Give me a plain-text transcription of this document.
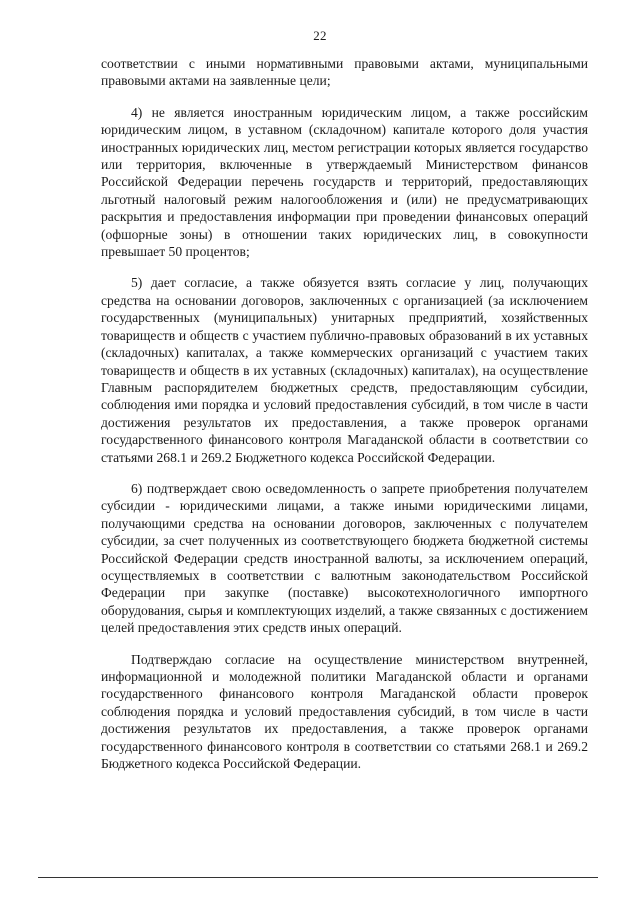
22

соответствии с иными нормативными правовыми актами, муниципальными правовыми актами на заявленные цели;

4) не является иностранным юридическим лицом, а также российским юридическим лицом, в уставном (складочном) капитале которого доля участия иностранных юридических лиц, местом регистрации которых является государство или территория, включенные в утверждаемый Министерством финансов Российской Федерации перечень государств и территорий, предоставляющих льготный налоговый режим налогообложения и (или) не предусматривающих раскрытия и предоставления информации при проведении финансовых операций (офшорные зоны) в отношении таких юридических лиц, в совокупности превышает 50 процентов;

5) дает согласие, а также обязуется взять согласие у лиц, получающих средства на основании договоров, заключенных с организацией (за исключением государственных (муниципальных) унитарных предприятий, хозяйственных товариществ и обществ с участием публично-правовых образований в их уставных (складочных) капиталах, а также коммерческих организаций с участием таких товариществ и обществ в их уставных (складочных) капиталах), на осуществление Главным распорядителем бюджетных средств, предоставляющим субсидии, соблюдения ими порядка и условий предоставления субсидий, в том числе в части достижения результатов их предоставления, а также проверок органами государственного финансового контроля Магаданской области в соответствии со статьями 268.1 и 269.2 Бюджетного кодекса Российской Федерации.

6) подтверждает свою осведомленность о запрете приобретения получателем субсидии - юридическими лицами, а также иными юридическими лицами, получающими средства на основании договоров, заключенных с получателем субсидии, за счет полученных из соответствующего бюджета бюджетной системы Российской Федерации средств иностранной валюты, за исключением операций, осуществляемых в соответствии с валютным законодательством Российской Федерации при закупке (поставке) высокотехнологичного импортного оборудования, сырья и комплектующих изделий, а также связанных с достижением целей предоставления этих средств иных операций.

Подтверждаю согласие на осуществление министерством внутренней, информационной и молодежной политики Магаданской области и органами государственного финансового контроля Магаданской области проверок соблюдения порядка и условий предоставления субсидий, в том числе в части достижения результатов их предоставления, а также проверок органами государственного финансового контроля в соответствии со статьями 268.1 и 269.2 Бюджетного кодекса Российской Федерации.
